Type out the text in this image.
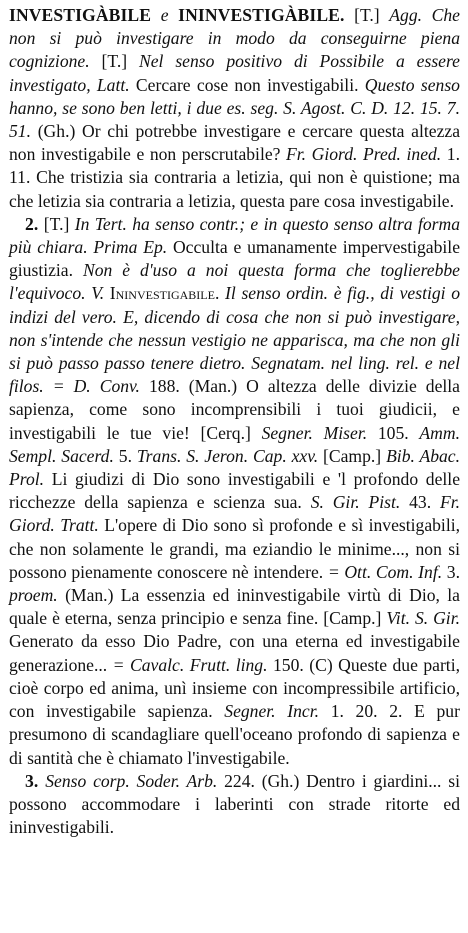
INVESTIGÀBILE e ININVESTIGÀBILE. [T.] Agg. Che non si può investigare in modo da conseguirne piena cognizione. [T.] Nel senso positivo di Possibile a essere investigato, Latt. Cercare cose non investigabili. Questo senso hanno, se sono ben letti, i due es. seg. S. Agost. C. D. 12. 15. 7. 51. (Gh.) Or chi potrebbe investigare e cercare questa altezza non investigabile e non perscrutabile? Fr. Giord. Pred. ined. 1. 11. Che tristizia sia contraria a letizia, qui non è quistione; ma che letizia sia contraria a letizia, questa pare cosa investigabile.

2. [T.] In Tert. ha senso contr.; e in questo senso altra forma più chiara. Prima Ep. Occulta e umanamente impervestigabile giustizia. Non è d'uso a noi questa forma che toglierebbe l'equivoco. V. Ininvestigabile. Il senso ordin. è fig., di vestigi o indizi del vero. E, dicendo di cosa che non si può investigare, non s'intende che nessun vestigio ne apparisca, ma che non gli si può passo passo tenere dietro. Segnatam. nel ling. rel. e nel filos. = D. Conv. 188. (Man.) O altezza delle divizie della sapienza, come sono incomprensibili i tuoi giudicii, e investigabili le tue vie! [Cerq.] Segner. Miser. 105. Amm. Sempl. Sacerd. 5. Trans. S. Jeron. Cap. xxv. [Camp.] Bib. Abac. Prol. Li giudizi di Dio sono investigabili e 'l profondo delle ricchezze della sapienza e scienza sua. S. Gir. Pist. 43. Fr. Giord. Tratt. L'opere di Dio sono sì profonde e sì investigabili, che non solamente le grandi, ma eziandio le minime..., non si possono pienamente conoscere nè intendere. = Ott. Com. Inf. 3. proem. (Man.) La essenzia ed ininvestigabile virtù di Dio, la quale è eterna, senza principio e senza fine. [Camp.] Vit. S. Gir. Generato da esso Dio Padre, con una eterna ed investigabile generazione... = Cavalc. Frutt. ling. 150. (C) Queste due parti, cioè corpo ed anima, unì insieme con incompressibile artificio, con investigabile sapienza. Segner. Incr. 1. 20. 2. E pur presumono di scandagliare quell'oceano profondo di sapienza e di santità che è chiamato l'investigabile.

3. Senso corp. Soder. Arb. 224. (Gh.) Dentro i giardini... si possono accommodare i laberinti con strade ritorte ed ininvestigabili.
